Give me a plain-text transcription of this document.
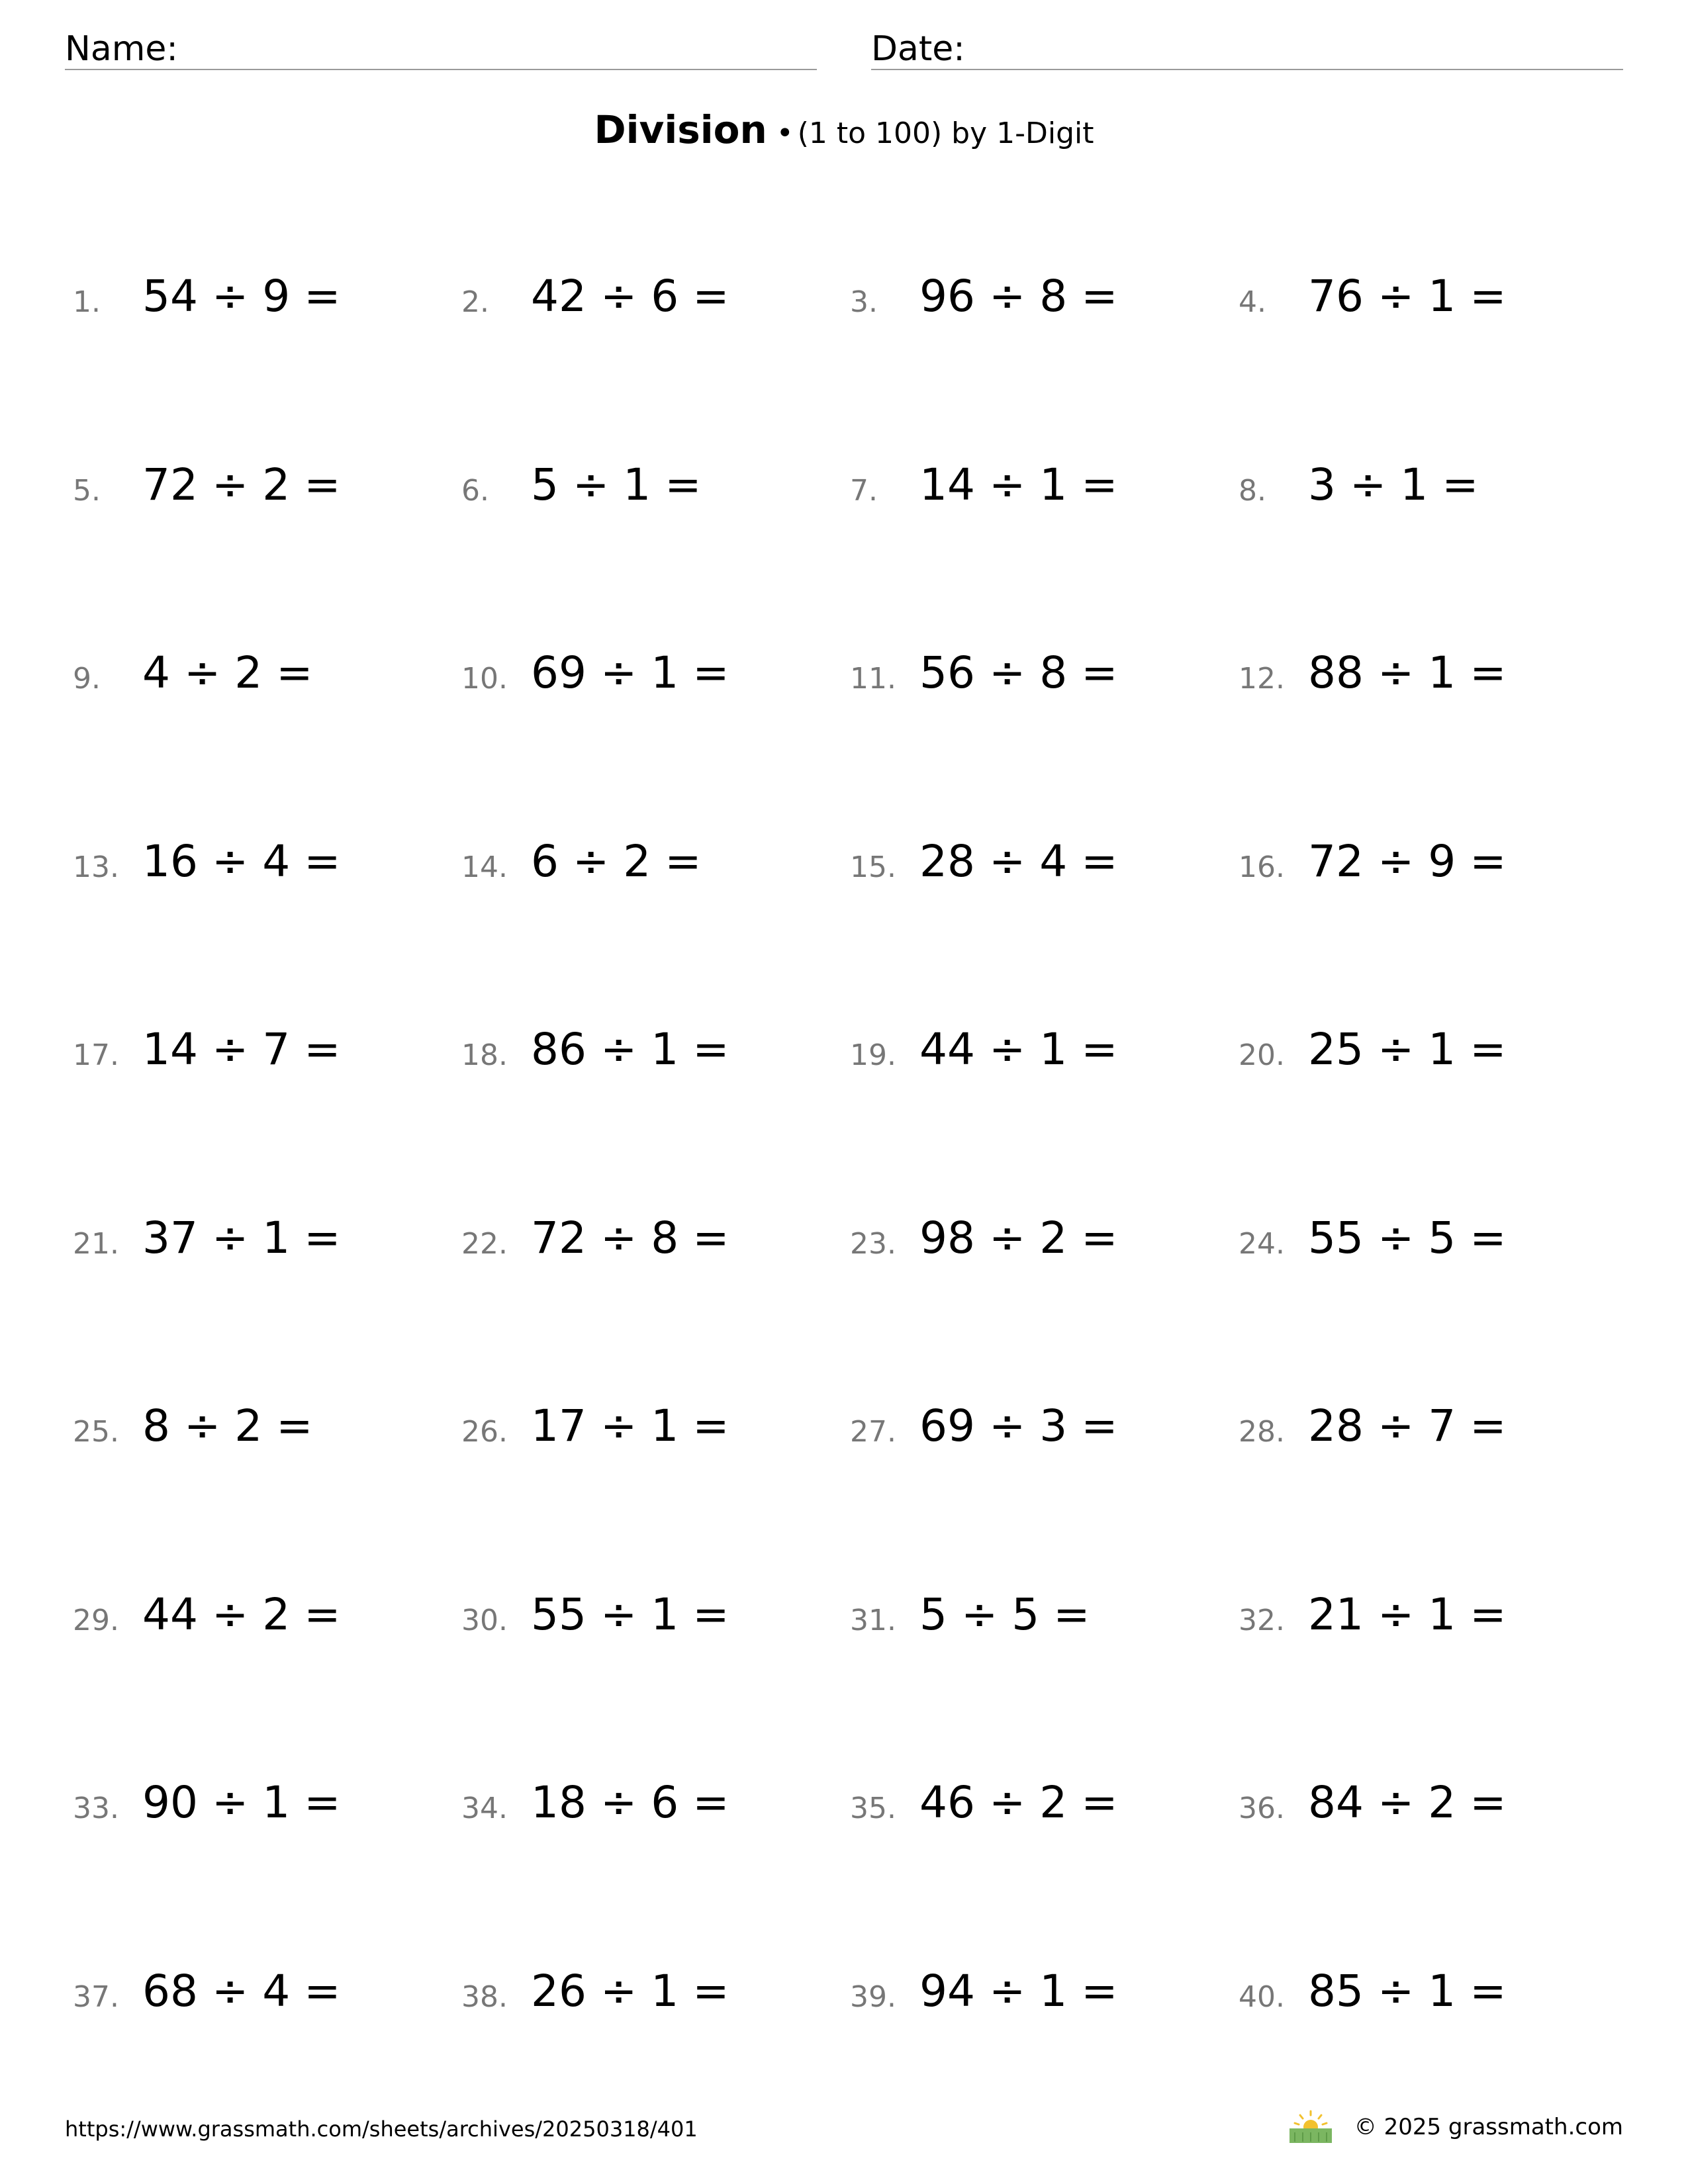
Name:	Date:
Division • (1 to 100) by 1-Digit
1. 54 ÷ 9 =	2. 42 ÷ 6 =	3. 96 ÷ 8 =	4. 76 ÷ 1 =
5. 72 ÷ 2 =	6. 5 ÷ 1 =	7. 14 ÷ 1 =	8. 3 ÷ 1 =
9. 4 ÷ 2 =	10. 69 ÷ 1 =	11. 56 ÷ 8 =	12. 88 ÷ 1 =
13. 16 ÷ 4 =	14. 6 ÷ 2 =	15. 28 ÷ 4 =	16. 72 ÷ 9 =
17. 14 ÷ 7 =	18. 86 ÷ 1 =	19. 44 ÷ 1 =	20. 25 ÷ 1 =
21. 37 ÷ 1 =	22. 72 ÷ 8 =	23. 98 ÷ 2 =	24. 55 ÷ 5 =
25. 8 ÷ 2 =	26. 17 ÷ 1 =	27. 69 ÷ 3 =	28. 28 ÷ 7 =
29. 44 ÷ 2 =	30. 55 ÷ 1 =	31. 5 ÷ 5 =	32. 21 ÷ 1 =
33. 90 ÷ 1 =	34. 18 ÷ 6 =	35. 46 ÷ 2 =	36. 84 ÷ 2 =
37. 68 ÷ 4 =	38. 26 ÷ 1 =	39. 94 ÷ 1 =	40. 85 ÷ 1 =
https://www.grassmath.com/sheets/archives/20250318/401	© 2025 grassmath.com
